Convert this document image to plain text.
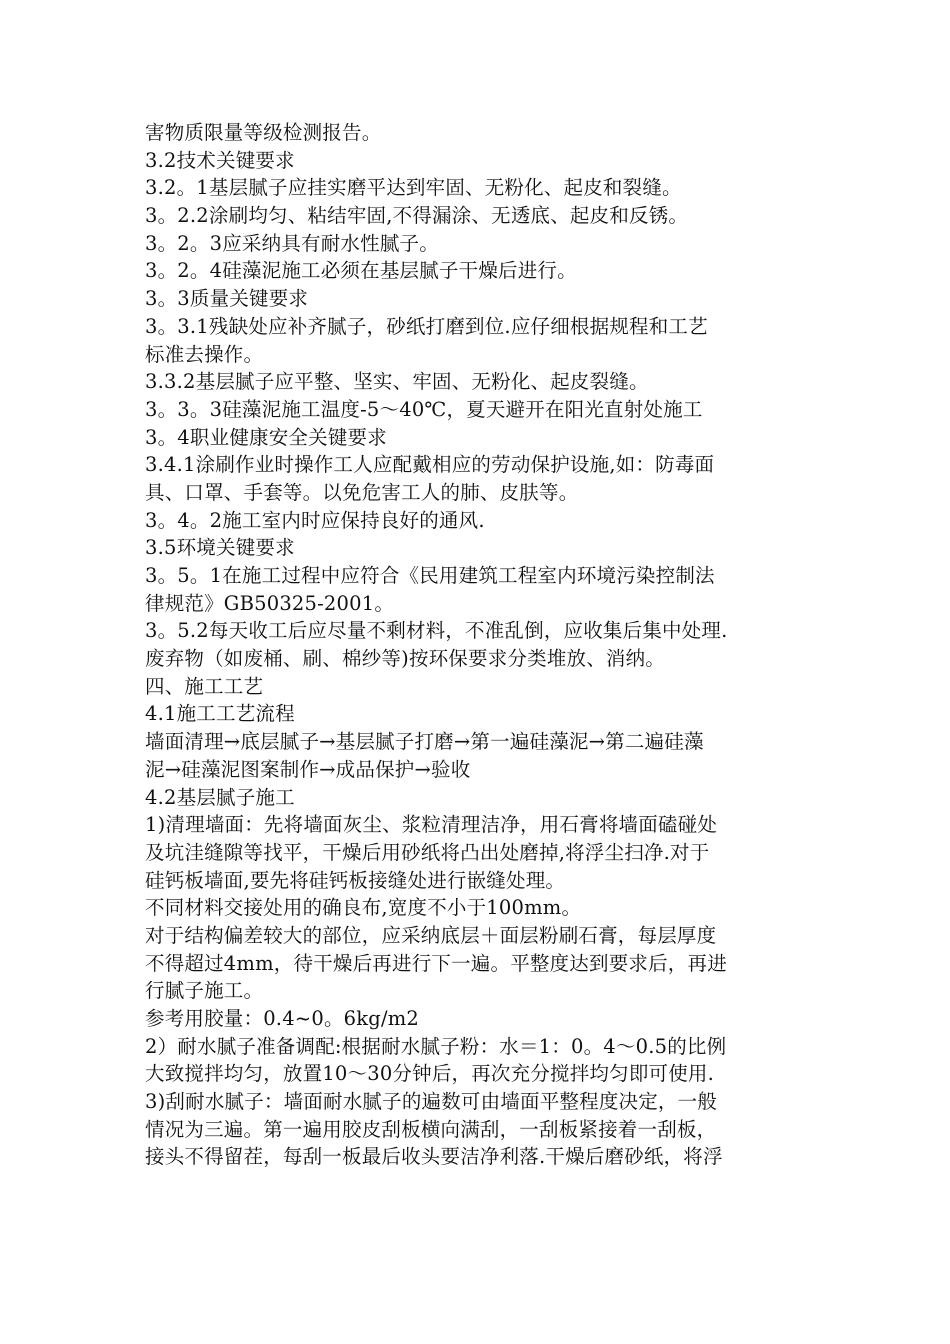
害物质限量等级检测报告。
3.2技术关键要求
3.2。1基层腻子应挂实磨平达到牢固、无粉化、起皮和裂缝。
3。2.2涂刷均匀、粘结牢固,不得漏涂、无透底、起皮和反锈。
3。2。3应采纳具有耐水性腻子。
3。2。4硅藻泥施工必须在基层腻子干燥后进行。
3。3质量关键要求
3。3.1残缺处应补齐腻子，砂纸打磨到位.应仔细根据规程和工艺
标准去操作。
3.3.2基层腻子应平整、坚实、牢固、无粉化、起皮裂缝。
3。3。3硅藻泥施工温度-5～40℃，夏天避开在阳光直射处施工
3。4职业健康安全关键要求
3.4.1涂刷作业时操作工人应配戴相应的劳动保护设施,如：防毒面
具、口罩、手套等。以免危害工人的肺、皮肤等。
3。4。2施工室内时应保持良好的通风.
3.5环境关键要求
3。5。1在施工过程中应符合《民用建筑工程室内环境污染控制法
律规范》GB50325-2001。
3。5.2每天收工后应尽量不剩材料，不准乱倒，应收集后集中处理.
废弃物（如废桶、刷、棉纱等)按环保要求分类堆放、消纳。
四、施工工艺
4.1施工工艺流程
墙面清理→底层腻子→基层腻子打磨→第一遍硅藻泥→第二遍硅藻
泥→硅藻泥图案制作→成品保护→验收
4.2基层腻子施工
1)清理墙面：先将墙面灰尘、浆粒清理洁净，用石膏将墙面磕碰处
及坑洼缝隙等找平，干燥后用砂纸将凸出处磨掉,将浮尘扫净.对于
硅钙板墙面,要先将硅钙板接缝处进行嵌缝处理。
不同材料交接处用的确良布,宽度不小于100mm。
对于结构偏差较大的部位，应采纳底层＋面层粉刷石膏，每层厚度
不得超过4mm，待干燥后再进行下一遍。平整度达到要求后，再进
行腻子施工。
参考用胶量：0.4~0。6kg/m2
2）耐水腻子准备调配:根据耐水腻子粉：水＝1：0。4～0.5的比例
大致搅拌均匀，放置10～30分钟后，再次充分搅拌均匀即可使用.
3)刮耐水腻子：墙面耐水腻子的遍数可由墙面平整程度决定，一般
情况为三遍。第一遍用胶皮刮板横向满刮，一刮板紧接着一刮板，
接头不得留茬，每刮一板最后收头要洁净利落.干燥后磨砂纸，将浮
